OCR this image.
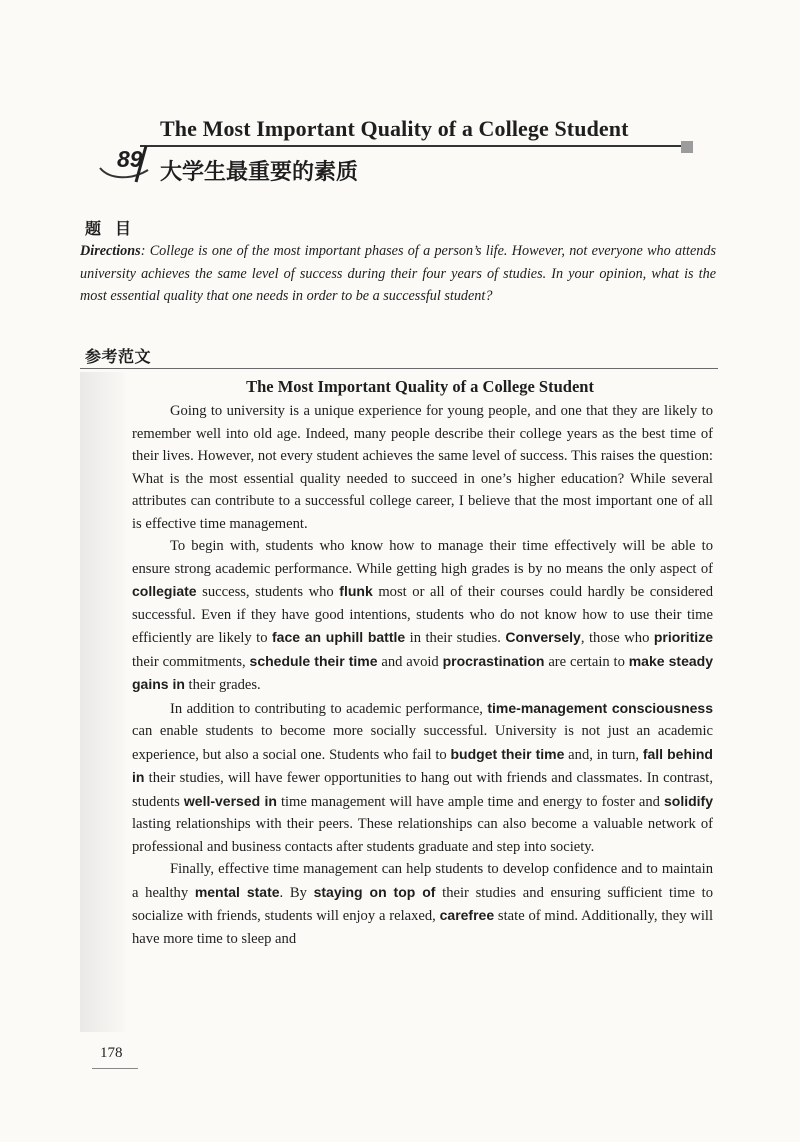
The Most Important Quality of a College Student
89
大学生最重要的素质
题目
Directions: College is one of the most important phases of a person’s life. However, not everyone who attends university achieves the same level of success during their four years of studies. In your opinion, what is the most essential quality that one needs in order to be a successful student?
参考范文
The Most Important Quality of a College Student

Going to university is a unique experience for young people, and one that they are likely to remember well into old age. Indeed, many people describe their college years as the best time of their lives. However, not every student achieves the same level of success. This raises the question: What is the most essential quality needed to succeed in one’s higher education? While several attributes can contribute to a successful college career, I believe that the most important one of all is effective time management.

To begin with, students who know how to manage their time effectively will be able to ensure strong academic performance. While getting high grades is by no means the only aspect of collegiate success, students who flunk most or all of their courses could hardly be considered successful. Even if they have good intentions, students who do not know how to use their time efficiently are likely to face an uphill battle in their studies. Conversely, those who prioritize their commitments, schedule their time and avoid procrastination are certain to make steady gains in their grades.

In addition to contributing to academic performance, time-management consciousness can enable students to become more socially successful. University is not just an academic experience, but also a social one. Students who fail to budget their time and, in turn, fall behind in their studies, will have fewer opportunities to hang out with friends and classmates. In contrast, students well-versed in time management will have ample time and energy to foster and solidify lasting relationships with their peers. These relationships can also become a valuable network of professional and business contacts after students graduate and step into society.

Finally, effective time management can help students to develop confidence and to maintain a healthy mental state. By staying on top of their studies and ensuring sufficient time to socialize with friends, students will enjoy a relaxed, carefree state of mind. Additionally, they will have more time to sleep and

178
